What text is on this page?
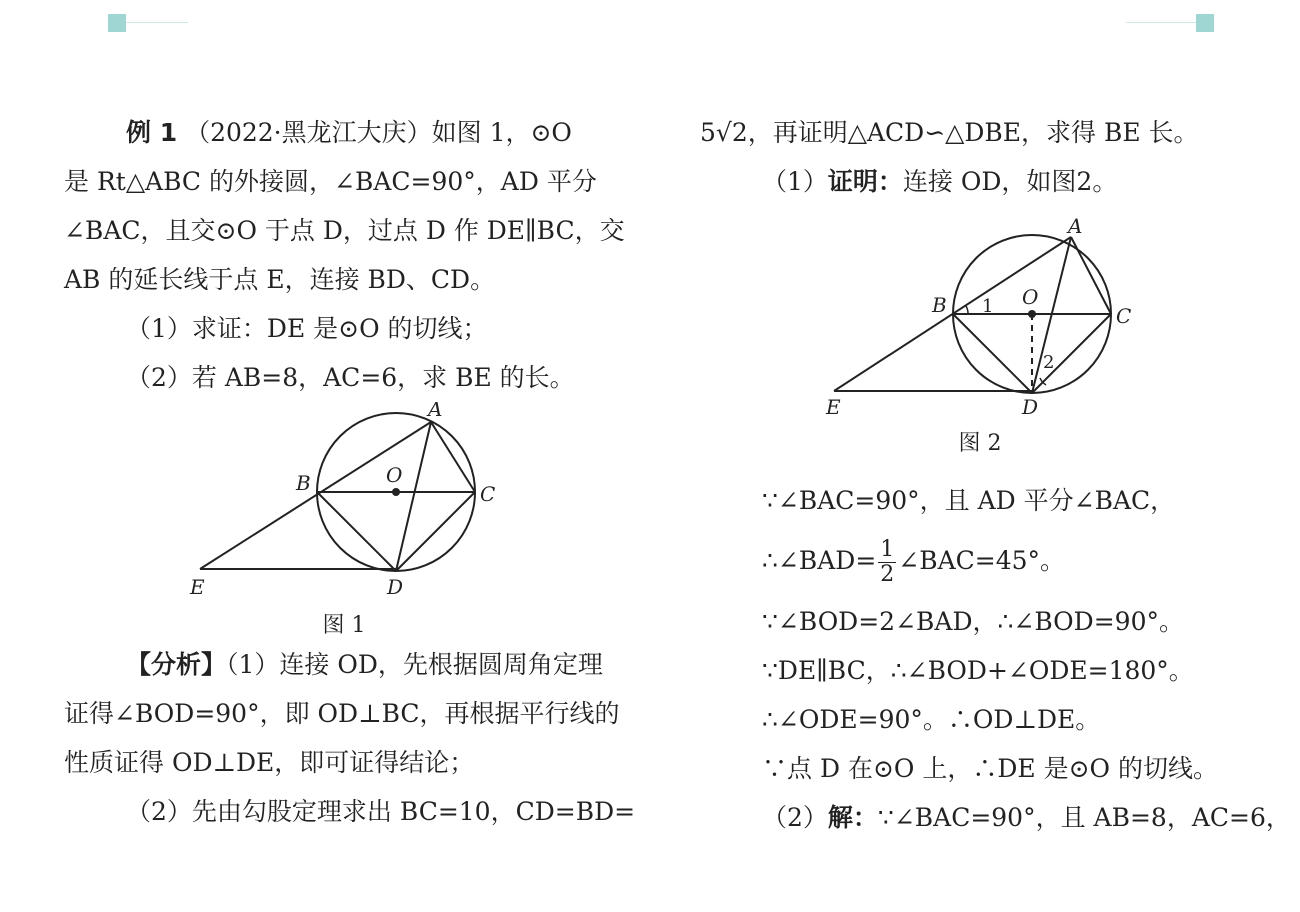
例 1 （2022·黑龙江大庆）如图 1，⊙O
是 Rt△ABC 的外接圆，∠BAC=90°，AD 平分
∠BAC，且交⊙O 于点 D，过点 D 作 DE∥BC，交
AB 的延长线于点 E，连接 BD、CD。
（1）求证：DE 是⊙O 的切线；
（2）若 AB=8，AC=6，求 BE 的长。
A
B	C
O
D
E
图 1
【分析】（1）连接 OD，先根据圆周角定理
证得∠BOD=90°，即 OD⊥BC，再根据平行线的
性质证得 OD⊥DE，即可证得结论；
（2）先由勾股定理求出 BC=10，CD=BD=
5√2，再证明△ACD∽△DBE，求得 BE 长。
（1）证明：连接 OD，如图2。
A
B	C
O
D
E
1
2
图 2
∵∠BAC=90°，且 AD 平分∠BAC，
∴∠BAD= $\frac{1}{2}$ ∠BAC=45°。
∵∠BOD=2∠BAD，∴∠BOD=90°。
∵DE∥BC，∴∠BOD+∠ODE=180°。
∴∠ODE=90°。∴OD⊥DE。
∵点 D 在⊙O 上，∴DE 是⊙O 的切线。
（2）解：∵∠BAC=90°，且 AB=8，AC=6，
